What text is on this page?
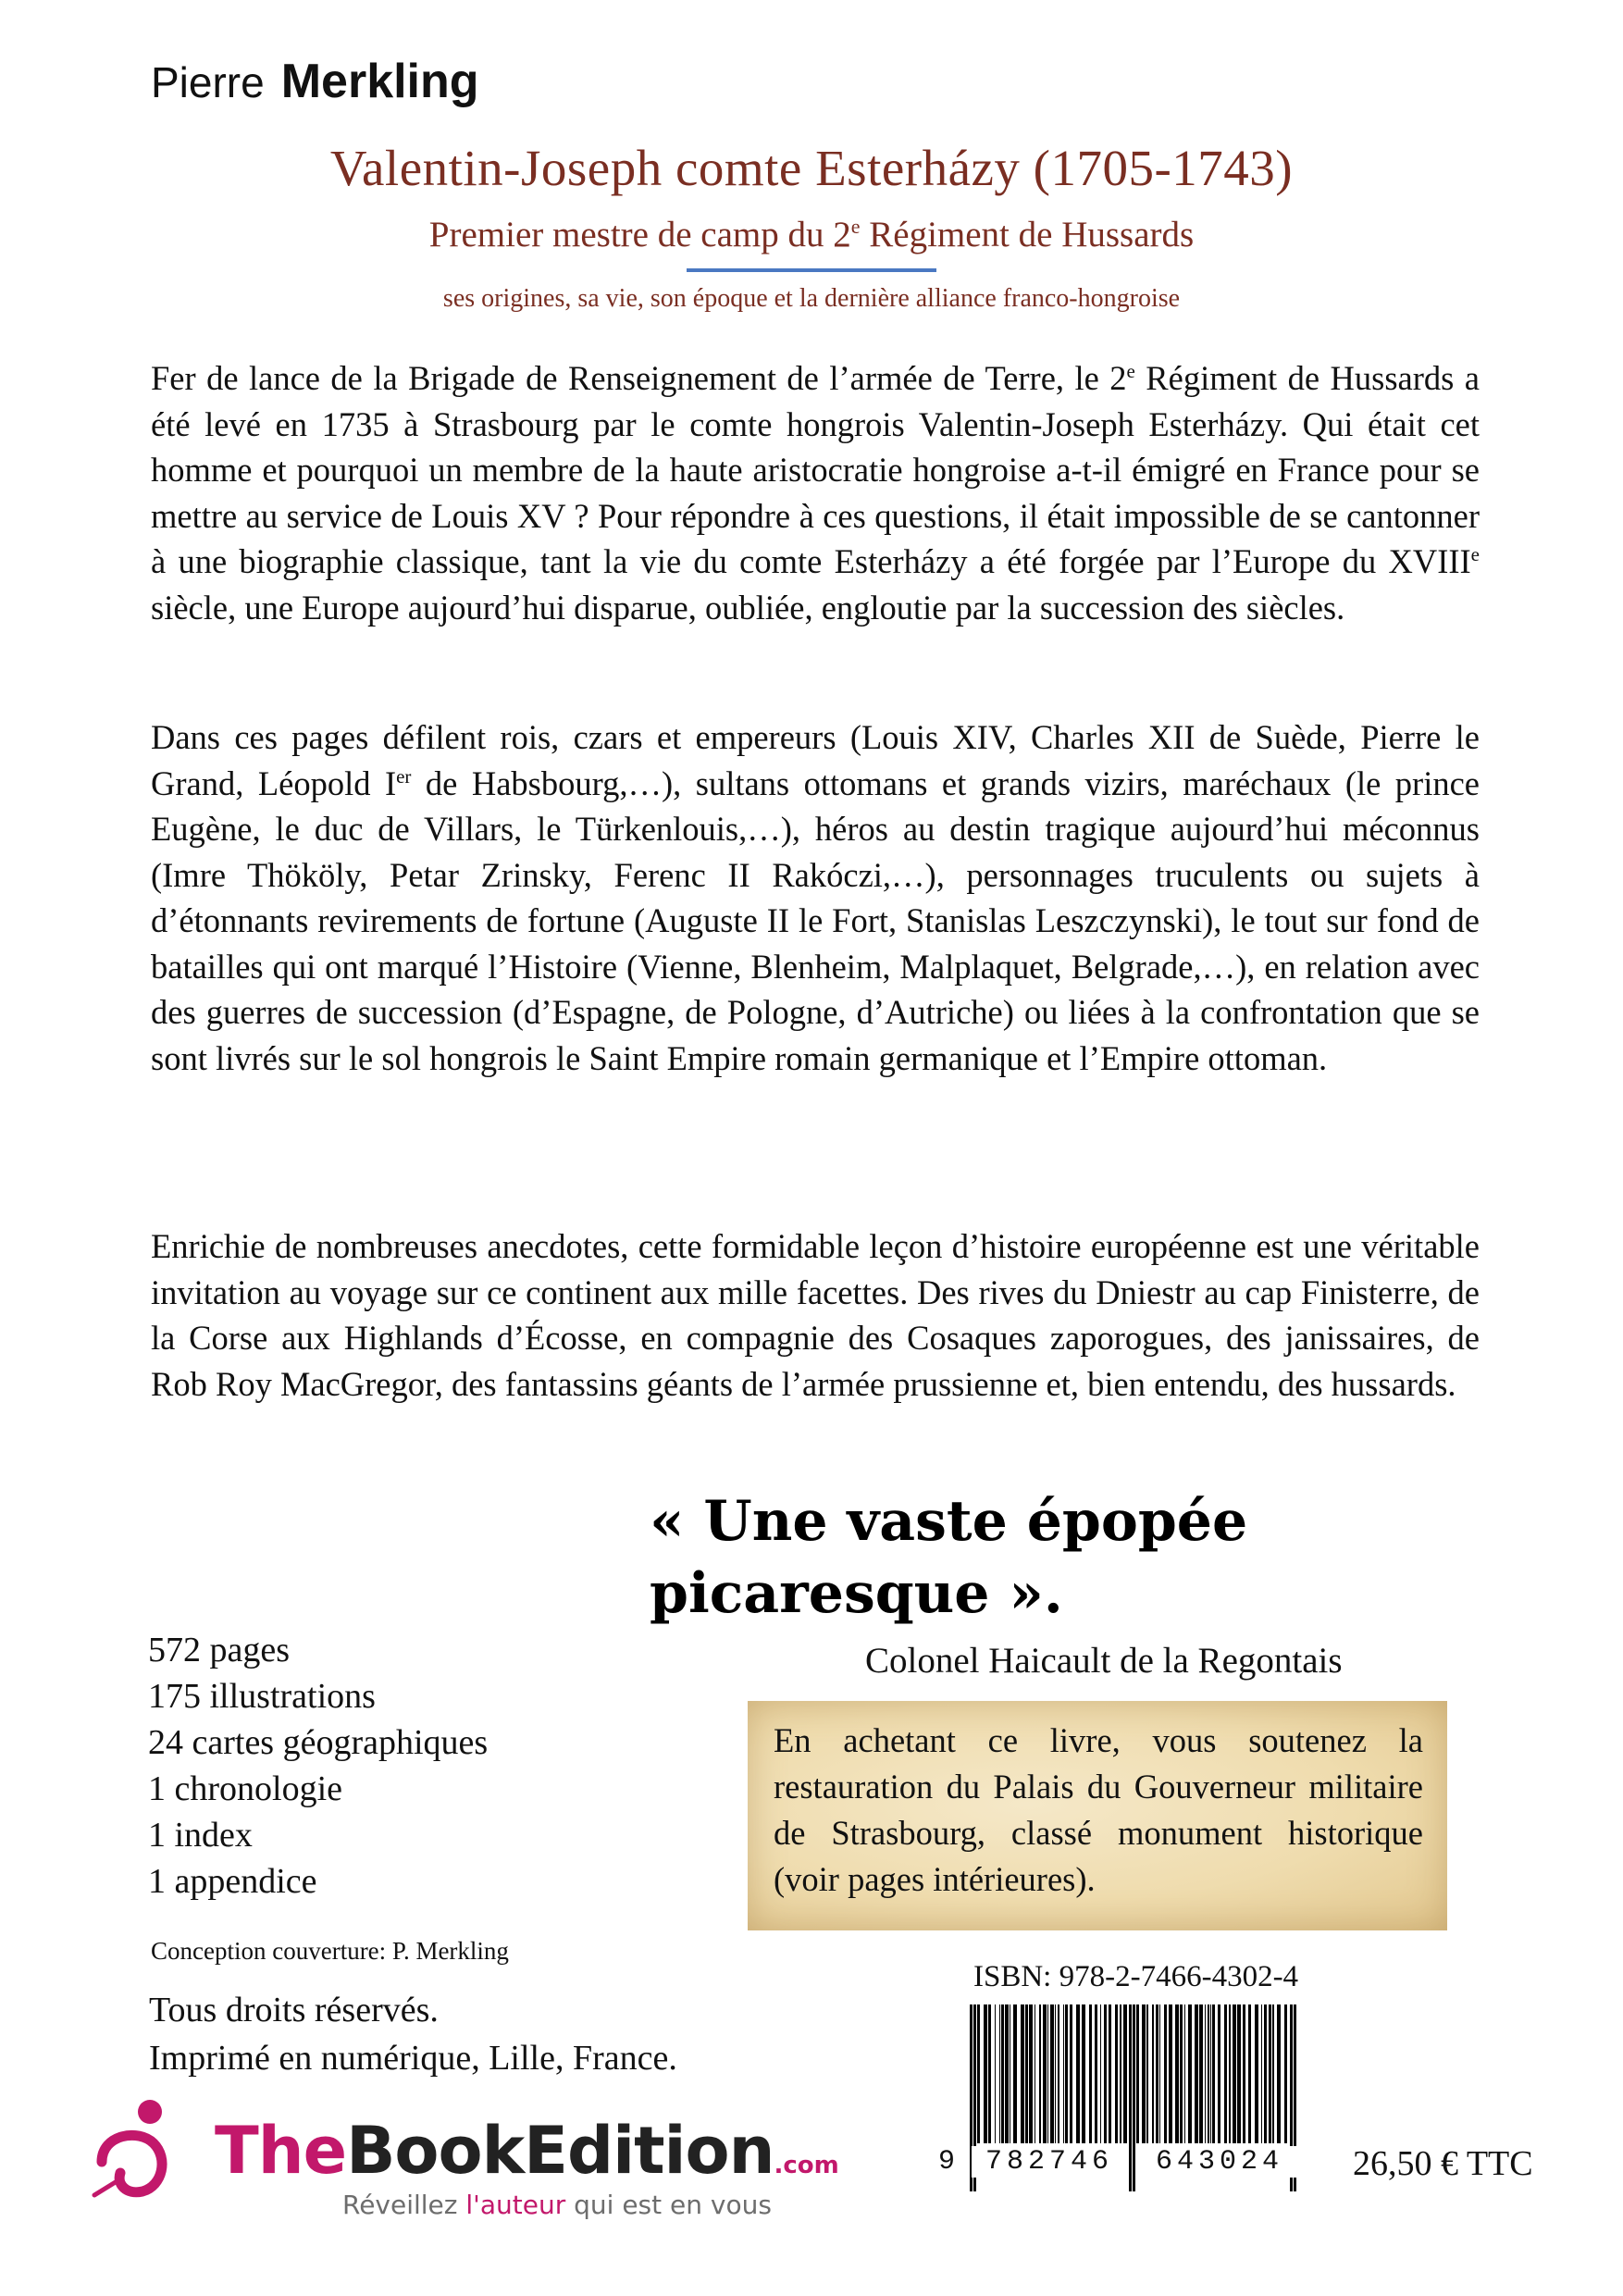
Pierre Merkling
Valentin-Joseph comte Esterházy (1705-1743)
Premier mestre de camp du 2e Régiment de Hussards
ses origines, sa vie, son époque et la dernière alliance franco-hongroise
Fer de lance de la Brigade de Renseignement de l’armée de Terre, le 2e Régiment de Hussards a été levé en 1735 à Strasbourg par le comte hongrois Valentin-Joseph Esterházy. Qui était cet homme et pourquoi un membre de la haute aristocratie hongroise a-t-il émigré en France pour se mettre au service de Louis XV ? Pour répondre à ces questions, il était impossible de se cantonner à une biographie classique, tant la vie du comte Esterházy a été forgée par l’Europe du XVIIIe siècle, une Europe aujourd’hui disparue, oubliée, engloutie par la succession des siècles.
Dans ces pages défilent rois, czars et empereurs (Louis XIV, Charles XII de Suède, Pierre le Grand, Léopold Ier de Habsbourg,…), sultans ottomans et grands vizirs, maréchaux (le prince Eugène, le duc de Villars, le Türkenlouis,…), héros au destin tragique aujourd’hui méconnus (Imre Thököly, Petar Zrinsky, Ferenc II Rakóczi,…), personnages truculents ou sujets à d’étonnants revirements de fortune (Auguste II le Fort, Stanislas Leszczynski), le tout sur fond de batailles qui ont marqué l’Histoire (Vienne, Blenheim, Malplaquet, Belgrade,…), en relation avec des guerres de succession (d’Espagne, de Pologne, d’Autriche) ou liées à la confrontation que se sont livrés sur le sol hongrois le Saint Empire romain germanique et l’Empire ottoman.
Enrichie de nombreuses anecdotes, cette formidable leçon d’histoire européenne est une véritable invitation au voyage sur ce continent aux mille facettes. Des rives du Dniestr au cap Finisterre, de la Corse aux Highlands d’Écosse, en compagnie des Cosaques zaporogues, des janissaires, de Rob Roy MacGregor, des fantassins géants de l’armée prussienne et, bien entendu, des hussards.
« Une vaste épopée
picaresque ».
Colonel Haicault de la Regontais
572 pages
175 illustrations
24 cartes géographiques
1 chronologie
1 index
1 appendice
Conception couverture: P. Merkling
Tous droits réservés.
Imprimé en numérique, Lille, France.
En achetant ce livre, vous soutenez la restauration du Palais du Gouverneur militaire de Strasbourg, classé monument historique (voir pages intérieures).
ISBN: 978-2-7466-4302-4
9	782746	643024	26,50 € TTC
TheBookEdition.com
Réveillez l'auteur qui est en vous
